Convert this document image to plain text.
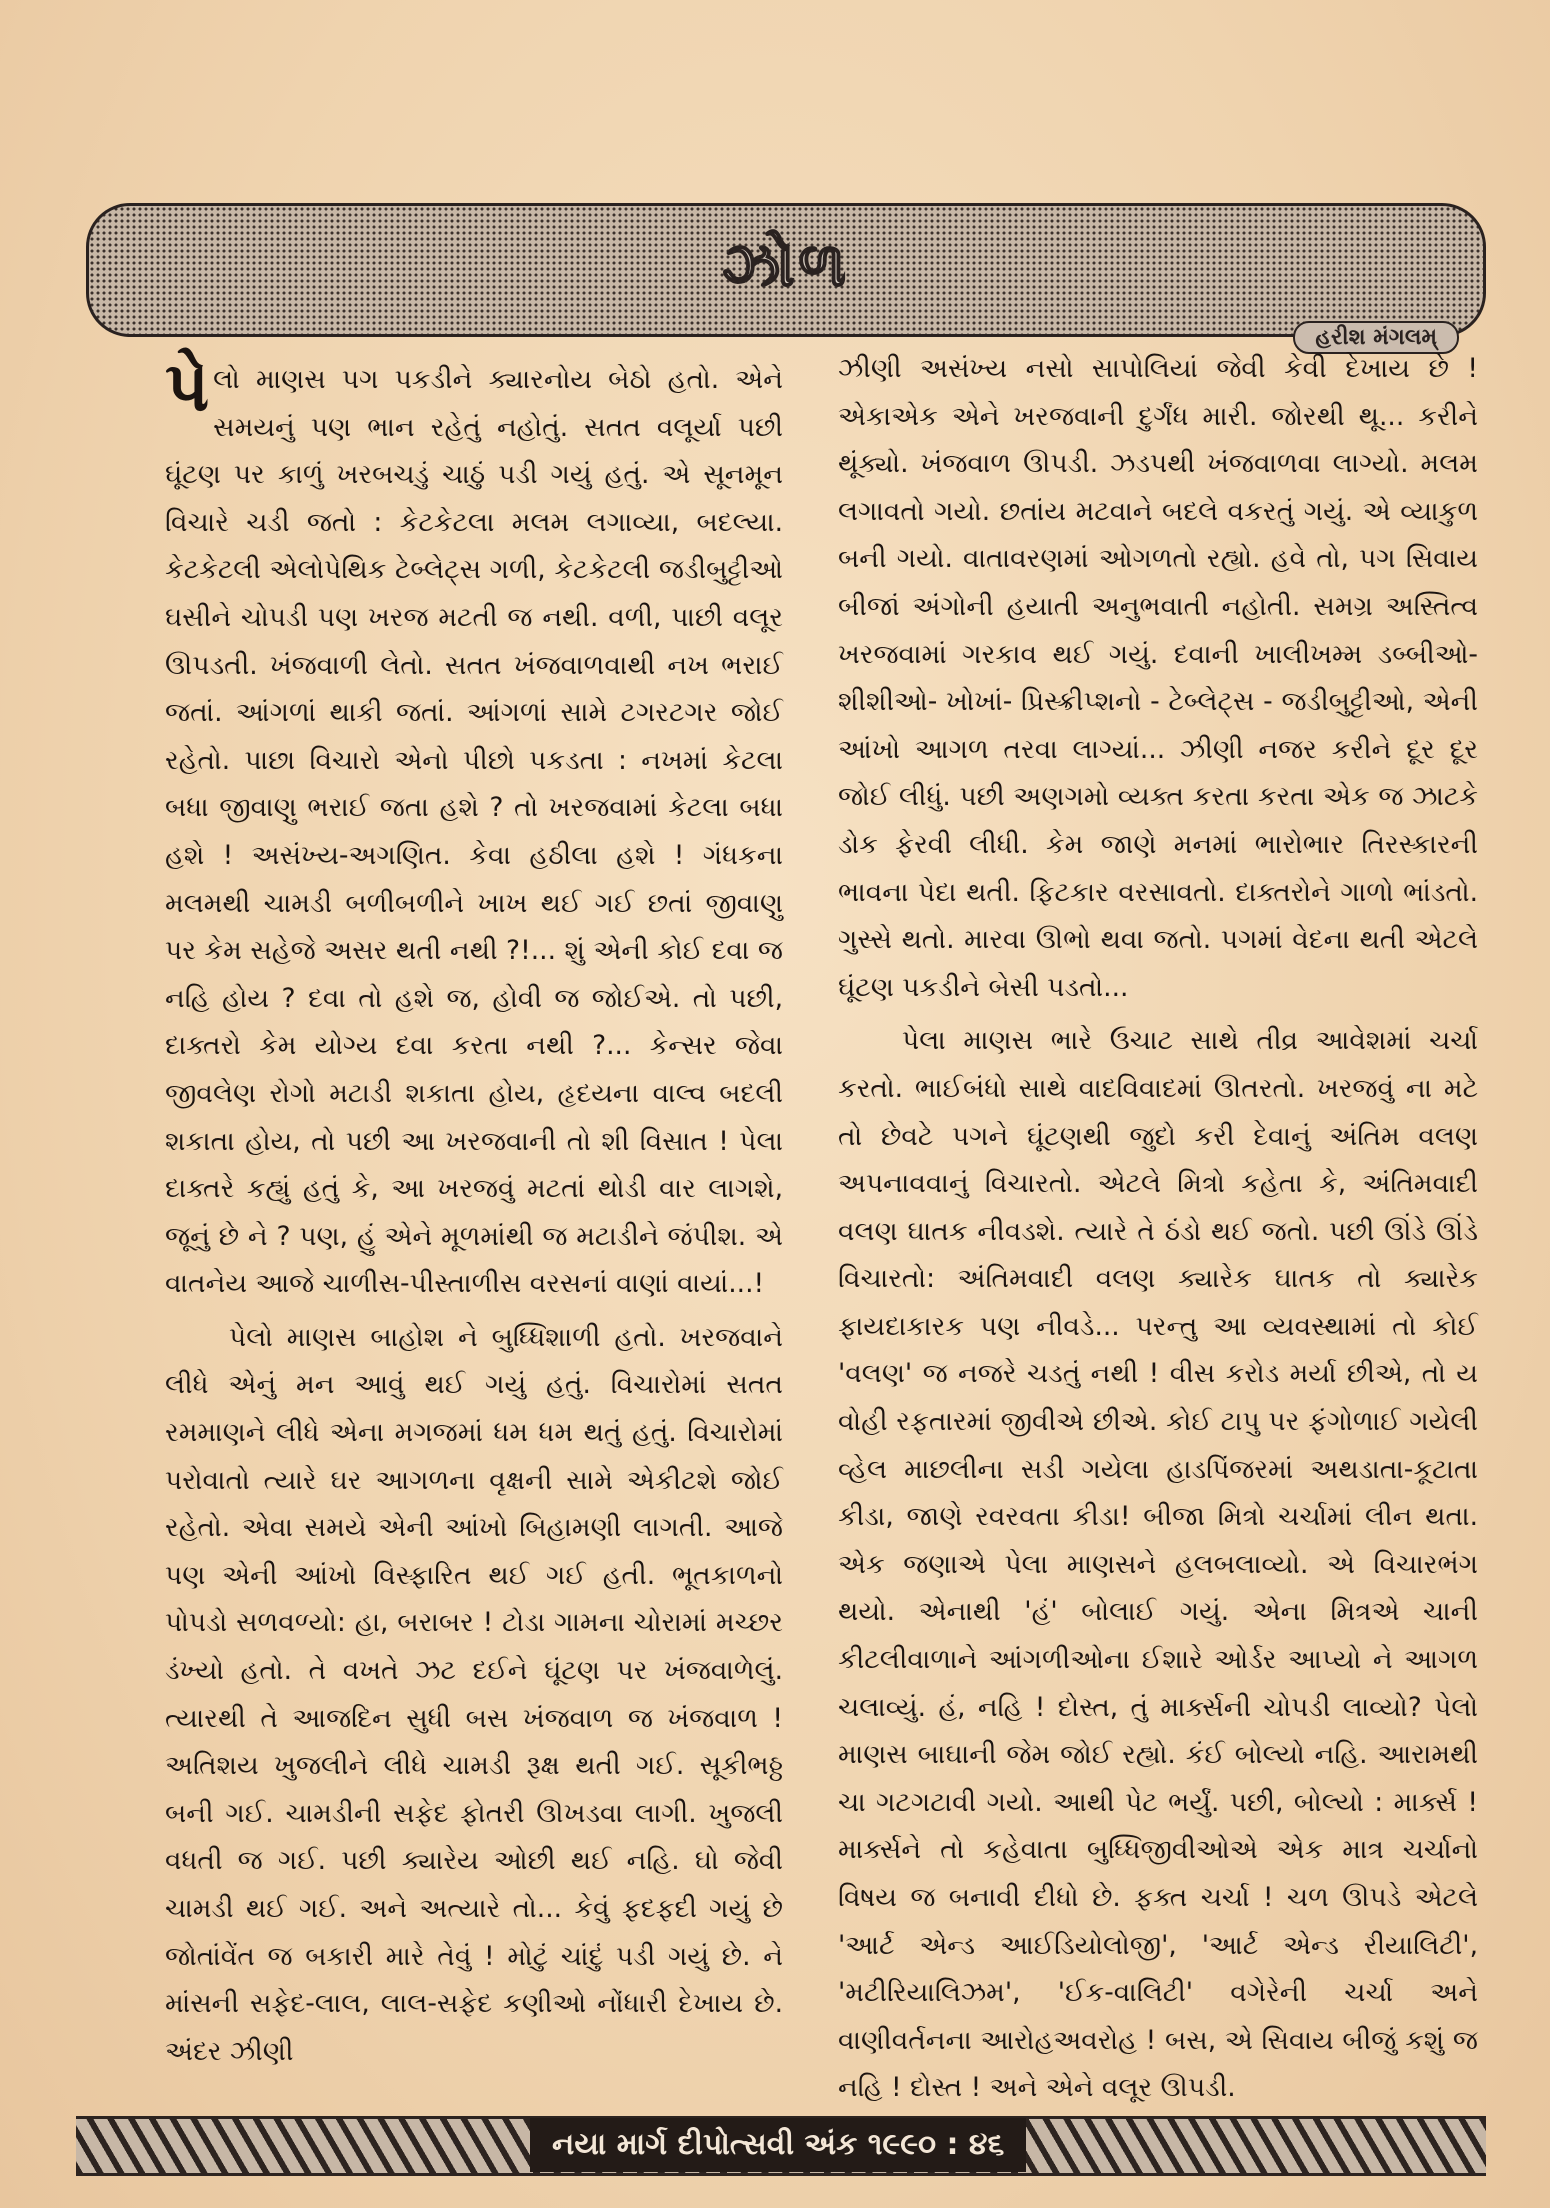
ઝોળ
હરીશ મંગલમ્

પેલો માણસ પગ પકડીને ક્યારનોય બેઠો હતો. એને સમયનું પણ ભાન રહેતું નહોતું. સતત વલૂર્યા પછી ઘૂંટણ પર કાળું ખરબચડું ચાઠું પડી ગયું હતું. એ સૂનમૂન વિચારે ચડી જતો : કેટકેટલા મલમ લગાવ્યા, બદલ્યા. કેટકેટલી એલોપેથિક ટેબ્લેટ્સ ગળી, કેટકેટલી જડીબુટ્ટીઓ ઘસીને ચોપડી પણ ખરજ મટતી જ નથી. વળી, પાછી વલૂર ઊપડતી. ખંજવાળી લેતો. સતત ખંજવાળવાથી નખ ભરાઈ જતાં. આંગળાં થાકી જતાં. આંગળાં સામે ટગરટગર જોઈ રહેતો. પાછા વિચારો એનો પીછો પકડતા : નખમાં કેટલા બધા જીવાણુ ભરાઈ જતા હશે ? તો ખરજવામાં કેટલા બધા હશે ! અસંખ્ય-અગણિત. કેવા હઠીલા હશે ! ગંધકના મલમથી ચામડી બળીબળીને ખાખ થઈ ગઈ છતાં જીવાણુ પર કેમ સહેજે અસર થતી નથી ?!... શું એની કોઈ દવા જ નહિ હોય ? દવા તો હશે જ, હોવી જ જોઈએ. તો પછી, દાક્તરો કેમ યોગ્ય દવા કરતા નથી ?... કેન્સર જેવા જીવલેણ રોગો મટાડી શકાતા હોય, હૃદયના વાલ્વ બદલી શકાતા હોય, તો પછી આ ખરજવાની તો શી વિસાત ! પેલા દાક્તરે કહ્યું હતું કે, આ ખરજવું મટતાં થોડી વાર લાગશે, જૂનું છે ને ? પણ, હું એને મૂળમાંથી જ મટાડીને જંપીશ. એ વાતનેય આજે ચાળીસ-પીસ્તાળીસ વરસનાં વાણાં વાયાં...!

પેલો માણસ બાહોશ ને બુધ્ધિશાળી હતો. ખરજવાને લીધે એનું મન આવું થઈ ગયું હતું. વિચારોમાં સતત રમમાણને લીધે એના મગજમાં ધમ ધમ થતું હતું. વિચારોમાં પરોવાતો ત્યારે ઘર આગળના વૃક્ષની સામે એકીટશે જોઈ રહેતો. એવા સમયે એની આંખો બિહામણી લાગતી. આજે પણ એની આંખો વિસ્ફારિત થઈ ગઈ હતી. ભૂતકાળનો પોપડો સળવળ્યો: હા, બરાબર ! ટોડા ગામના ચોરામાં મચ્છર ડંખ્યો હતો. તે વખતે ઝટ દઈને ઘૂંટણ પર ખંજવાળેલું. ત્યારથી તે આજદિન સુધી બસ ખંજવાળ જ ખંજવાળ ! અતિશય ખુજલીને લીધે ચામડી રૂક્ષ થતી ગઈ. સૂકીભઠ્ઠ બની ગઈ. ચામડીની સફેદ ફોતરી ઊખડવા લાગી. ખુજલી વધતી જ ગઈ. પછી ક્યારેય ઓછી થઈ નહિ. ઘો જેવી ચામડી થઈ ગઈ. અને અત્યારે તો... કેવું ફદફદી ગયું છે જોતાંવેંત જ બકારી મારે તેવું ! મોટું ચાંદું પડી ગયું છે. ને માંસની સફેદ-લાલ, લાલ-સફેદ કણીઓ નોંધારી દેખાય છે. અંદર ઝીણી

ઝીણી અસંખ્ય નસો સાપોલિયાં જેવી કેવી દેખાય છે ! એકાએક એને ખરજવાની દુર્ગંધ મારી. જોરથી થૂ... કરીને થૂંક્યો. ખંજવાળ ઊપડી. ઝડપથી ખંજવાળવા લાગ્યો. મલમ લગાવતો ગયો. છતાંય મટવાને બદલે વકરતું ગયું. એ વ્યાકુળ બની ગયો. વાતાવરણમાં ઓગળતો રહ્યો. હવે તો, પગ સિવાય બીજાં અંગોની હયાતી અનુભવાતી નહોતી. સમગ્ર અસ્તિત્વ ખરજવામાં ગરકાવ થઈ ગયું. દવાની ખાલીખમ્મ ડબ્બીઓ- શીશીઓ- ખોખાં- પ્રિસ્ક્રીપ્શનો - ટેબ્લેટ્સ - જડીબુટ્ટીઓ, એની આંખો આગળ તરવા લાગ્યાં... ઝીણી નજર કરીને દૂર દૂર જોઈ લીધું. પછી અણગમો વ્યક્ત કરતા કરતા એક જ ઝાટકે ડોક ફેરવી લીધી. કેમ જાણે મનમાં ભારોભાર તિરસ્કારની ભાવના પેદા થતી. ફિટકાર વરસાવતો. દાક્તરોને ગાળો ભાંડતો. ગુસ્સે થતો. મારવા ઊભો થવા જતો. પગમાં વેદના થતી એટલે ઘૂંટણ પકડીને બેસી પડતો...

પેલા માણસ ભારે ઉચાટ સાથે તીવ્ર આવેશમાં ચર્ચા કરતો. ભાઈબંધો સાથે વાદવિવાદમાં ઊતરતો. ખરજવું ના મટે તો છેવટે પગને ઘૂંટણથી જુદો કરી દેવાનું અંતિમ વલણ અપનાવવાનું વિચારતો. એટલે મિત્રો કહેતા કે, અંતિમવાદી વલણ ઘાતક નીવડશે. ત્યારે તે ઠંડો થઈ જતો. પછી ઊંડે ઊંડે વિચારતો: અંતિમવાદી વલણ ક્યારેક ઘાતક તો ક્યારેક ફાયદાકારક પણ નીવડે... પરન્તુ આ વ્યવસ્થામાં તો કોઈ 'વલણ' જ નજરે ચડતું નથી ! વીસ કરોડ મર્યા છીએ, તો ય વોહી રફતારમાં જીવીએ છીએ. કોઈ ટાપુ પર ફંગોળાઈ ગયેલી વ્હેલ માછલીના સડી ગયેલા હાડપિંજરમાં અથડાતા-કૂટાતા કીડા, જાણે રવરવતા કીડા! બીજા મિત્રો ચર્ચામાં લીન થતા. એક જણાએ પેલા માણસને હલબલાવ્યો. એ વિચારભંગ થયો. એનાથી 'હં' બોલાઈ ગયું. એના મિત્રએ ચાની કીટલીવાળાને આંગળીઓના ઈશારે ઓર્ડર આપ્યો ને આગળ ચલાવ્યું. હં, નહિ ! દોસ્ત, તું માર્ક્સની ચોપડી લાવ્યો? પેલો માણસ બાઘાની જેમ જોઈ રહ્યો. કંઈ બોલ્યો નહિ. આરામથી ચા ગટગટાવી ગયો. આથી પેટ ભર્યું. પછી, બોલ્યો : માર્ક્સ ! માર્ક્સને તો કહેવાતા બુધ્ધિજીવીઓએ એક માત્ર ચર્ચાનો વિષય જ બનાવી દીધો છે. ફક્ત ચર્ચા ! ચળ ઊપડે એટલે 'આર્ટ એન્ડ આઈડિયોલોજી', 'આર્ટ એન્ડ રીયાલિટી', 'મટીરિયાલિઝમ', 'ઈક-વાલિટી' વગેરેની ચર્ચા અને વાણીવર્તનના આરોહઅવરોહ ! બસ, એ સિવાય બીજું કશું જ નહિ ! દોસ્ત ! અને એને વલૂર ઊપડી.

નયા માર્ગ દીપોત્સવી અંક ૧૯૯૦ : ૪૬
